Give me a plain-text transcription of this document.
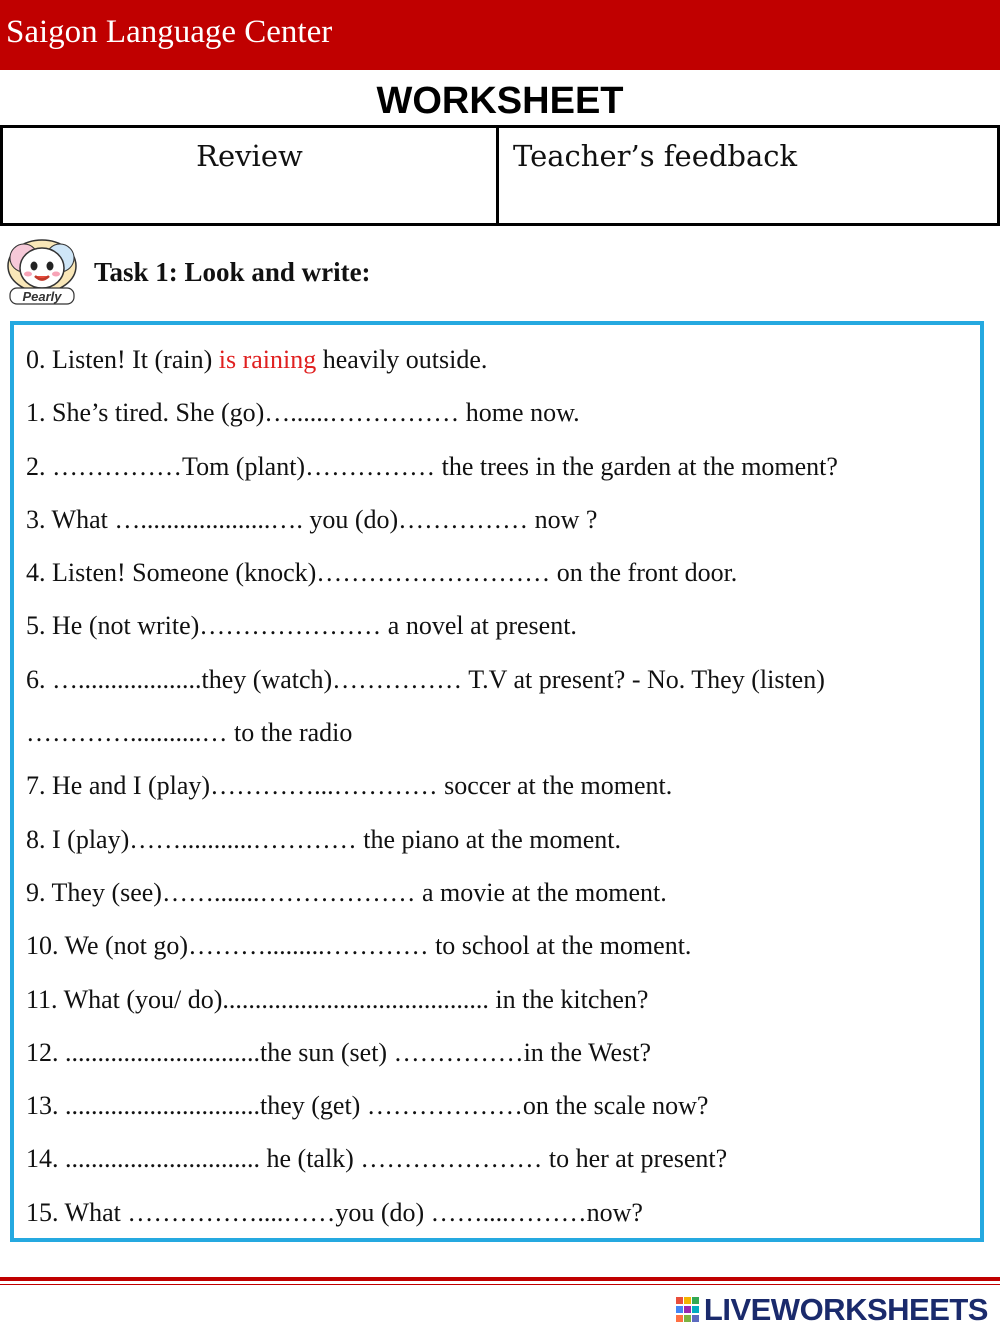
Saigon Language Center
WORKSHEET
Review	Teacher’s feedback
Pearly
Task 1: Look and write:
0. Listen! It (rain) is raining heavily outside.
1. She’s tired. She (go)…......…………… home now.
2. ……………Tom (plant)…………… the trees in the garden at the moment?
3. What …....................…. you (do)…………… now ?
4. Listen! Someone (knock)……………………… on the front door.
5. He (not write)………………… a novel at present.
6. …...................they (watch)…………… T.V at present? - No. They (listen)
…………...........… to the radio
7. He and I (play)…………...………… soccer at the moment.
8. I (play)……...........………… the piano at the moment.
9. They (see)…….......……………… a movie at the moment.
10. We (not go)……….........………… to school at the moment.
11. What (you/ do)......................................... in the kitchen?
12. ..............................the sun (set) ……………in the West?
13. ..............................they (get) ………………on the scale now?
14. .............................. he (talk) ………………… to her at present?
15. What ……………....……you (do) ……....………now?
LIVEWORKSHEETS
